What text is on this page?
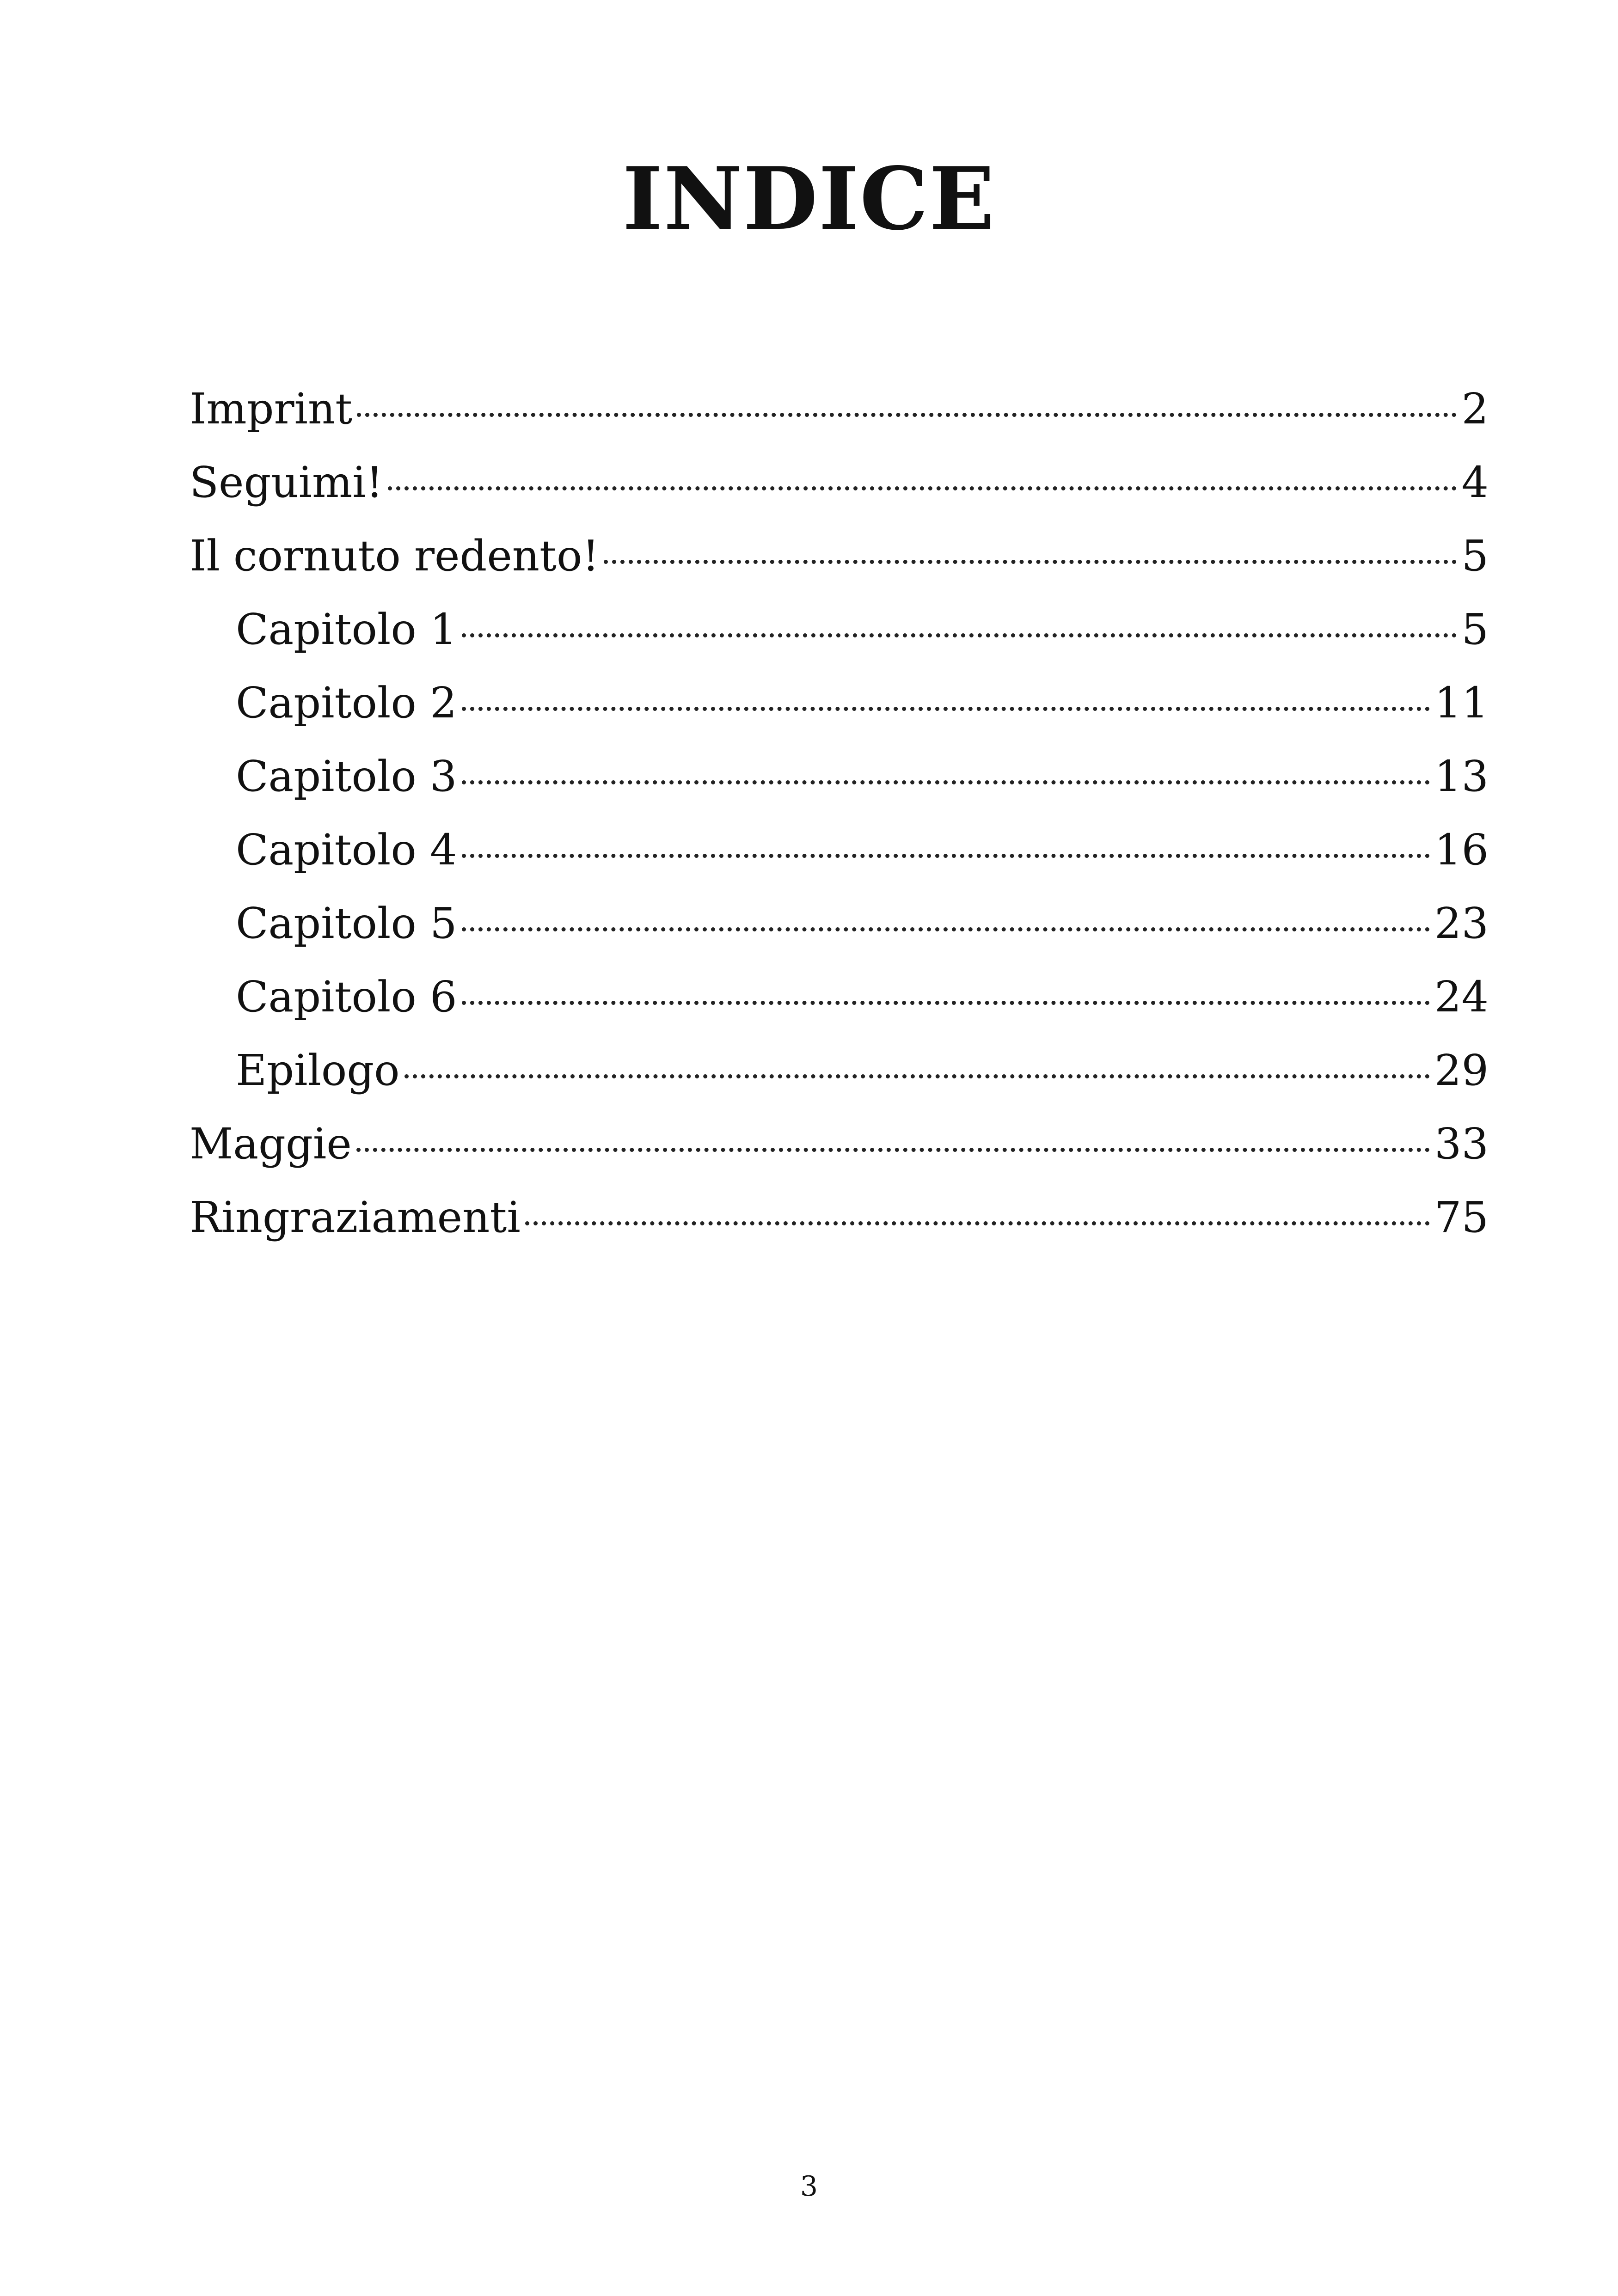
INDICE
Imprint	2
Seguimi!	4
Il cornuto redento!	5
Capitolo 1	5
Capitolo 2	11
Capitolo 3	13
Capitolo 4	16
Capitolo 5	23
Capitolo 6	24
Epilogo	29
Maggie	33
Ringraziamenti	75
3
